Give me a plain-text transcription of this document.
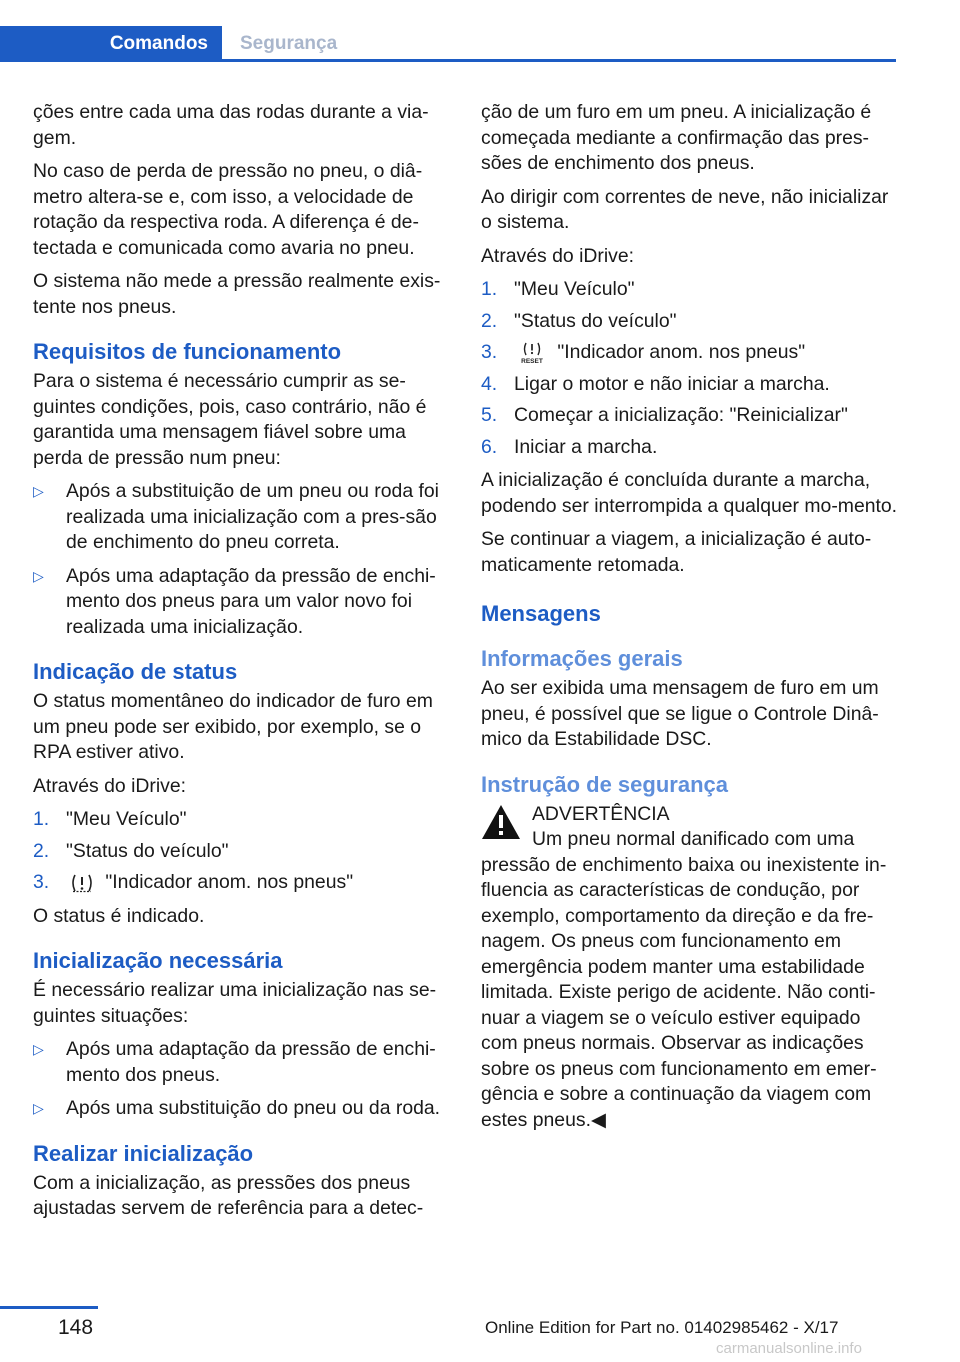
Comandos	Segurança
ções entre cada uma das rodas durante a via‐gem.
No caso de perda de pressão no pneu, o diâ‐metro altera-se e, com isso, a velocidade de rotação da respectiva roda. A diferença é de‐tectada e comunicada como avaria no pneu.
O sistema não mede a pressão realmente exis‐tente nos pneus.
Requisitos de funcionamento
Para o sistema é necessário cumprir as se‐guintes condições, pois, caso contrário, não é garantida uma mensagem fiável sobre uma perda de pressão num pneu:
▷ Após a substituição de um pneu ou roda foi realizada uma inicialização com a pres‐são de enchimento do pneu correta.
▷ Após uma adaptação da pressão de enchi‐mento dos pneus para um valor novo foi realizada uma inicialização.
Indicação de status
O status momentâneo do indicador de furo em um pneu pode ser exibido, por exemplo, se o RPA estiver ativo.
Através do iDrive:
1. "Meu Veículo"
2. "Status do veículo"
3.	"Indicador anom. nos pneus"
O status é indicado.
Inicialização necessária
É necessário realizar uma inicialização nas se‐guintes situações:
▷ Após uma adaptação da pressão de enchi‐mento dos pneus.
▷ Após uma substituição do pneu ou da roda.
Realizar inicialização
Com a inicialização, as pressões dos pneus ajustadas servem de referência para a detec‐
ção de um furo em um pneu. A inicialização é começada mediante a confirmação das pres‐sões de enchimento dos pneus.
Ao dirigir com correntes de neve, não inicializar o sistema.
Através do iDrive:
1. "Meu Veículo"
2. "Status do veículo"
3.	RESET "Indicador anom. nos pneus"
4. Ligar o motor e não iniciar a marcha.
5. Começar a inicialização: "Reinicializar"
6. Iniciar a marcha.
A inicialização é concluída durante a marcha, podendo ser interrompida a qualquer mo‐mento.
Se continuar a viagem, a inicialização é auto‐maticamente retomada.
Mensagens
Informações gerais
Ao ser exibida uma mensagem de furo em um pneu, é possível que se ligue o Controle Dinâ‐mico da Estabilidade DSC.
Instrução de segurança
ADVERTÊNCIA
Um pneu normal danificado com uma
pressão de enchimento baixa ou inexistente in‐fluencia as características de condução, por exemplo, comportamento da direção e da fre‐nagem. Os pneus com funcionamento em emergência podem manter uma estabilidade limitada. Existe perigo de acidente. Não conti‐nuar a viagem se o veículo estiver equipado com pneus normais. Observar as indicações sobre os pneus com funcionamento em emer‐gência e sobre a continuação da viagem com estes pneus.◀
148	Online Edition for Part no. 01402985462 - X/17
carmanualsonline.info
